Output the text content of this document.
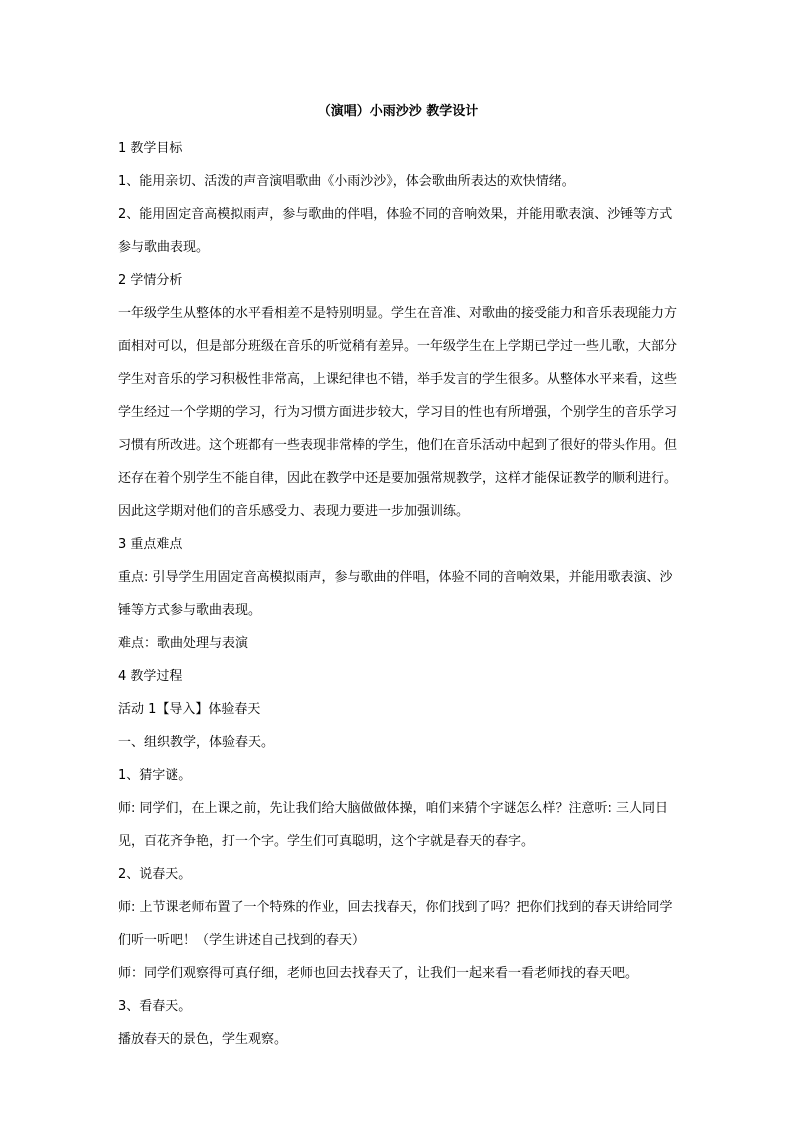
（演唱）小雨沙沙 教学设计

1 教学目标

1、能用亲切、活泼的声音演唱歌曲《小雨沙沙》，体会歌曲所表达的欢快情绪。

2、能用固定音高模拟雨声，参与歌曲的伴唱，体验不同的音响效果，并能用歌表演、沙锤等方式参与歌曲表现。

2 学情分析

一年级学生从整体的水平看相差不是特别明显。学生在音准、对歌曲的接受能力和音乐表现能力方面相对可以，但是部分班级在音乐的听觉稍有差异。一年级学生在上学期已学过一些儿歌，大部分学生对音乐的学习积极性非常高，上课纪律也不错，举手发言的学生很多。从整体水平来看，这些学生经过一个学期的学习，行为习惯方面进步较大，学习目的性也有所增强，个别学生的音乐学习习惯有所改进。这个班都有一些表现非常棒的学生，他们在音乐活动中起到了很好的带头作用。但还存在着个别学生不能自律，因此在教学中还是要加强常规教学，这样才能保证教学的顺利进行。因此这学期对他们的音乐感受力、表现力要进一步加强训练。

3 重点难点

重点: 引导学生用固定音高模拟雨声，参与歌曲的伴唱，体验不同的音响效果，并能用歌表演、沙锤等方式参与歌曲表现。

难点：歌曲处理与表演

4 教学过程

活动 1【导入】体验春天

一、组织教学，体验春天。

1、猜字谜。

师: 同学们，在上课之前，先让我们给大脑做做体操，咱们来猜个字谜怎么样？注意听: 三人同日见，百花齐争艳，打一个字。学生们可真聪明，这个字就是春天的春字。

2、说春天。

师: 上节课老师布置了一个特殊的作业，回去找春天，你们找到了吗？把你们找到的春天讲给同学们听一听吧！（学生讲述自己找到的春天）

师：同学们观察得可真仔细，老师也回去找春天了，让我们一起来看一看老师找的春天吧。

3、看春天。

播放春天的景色，学生观察。
